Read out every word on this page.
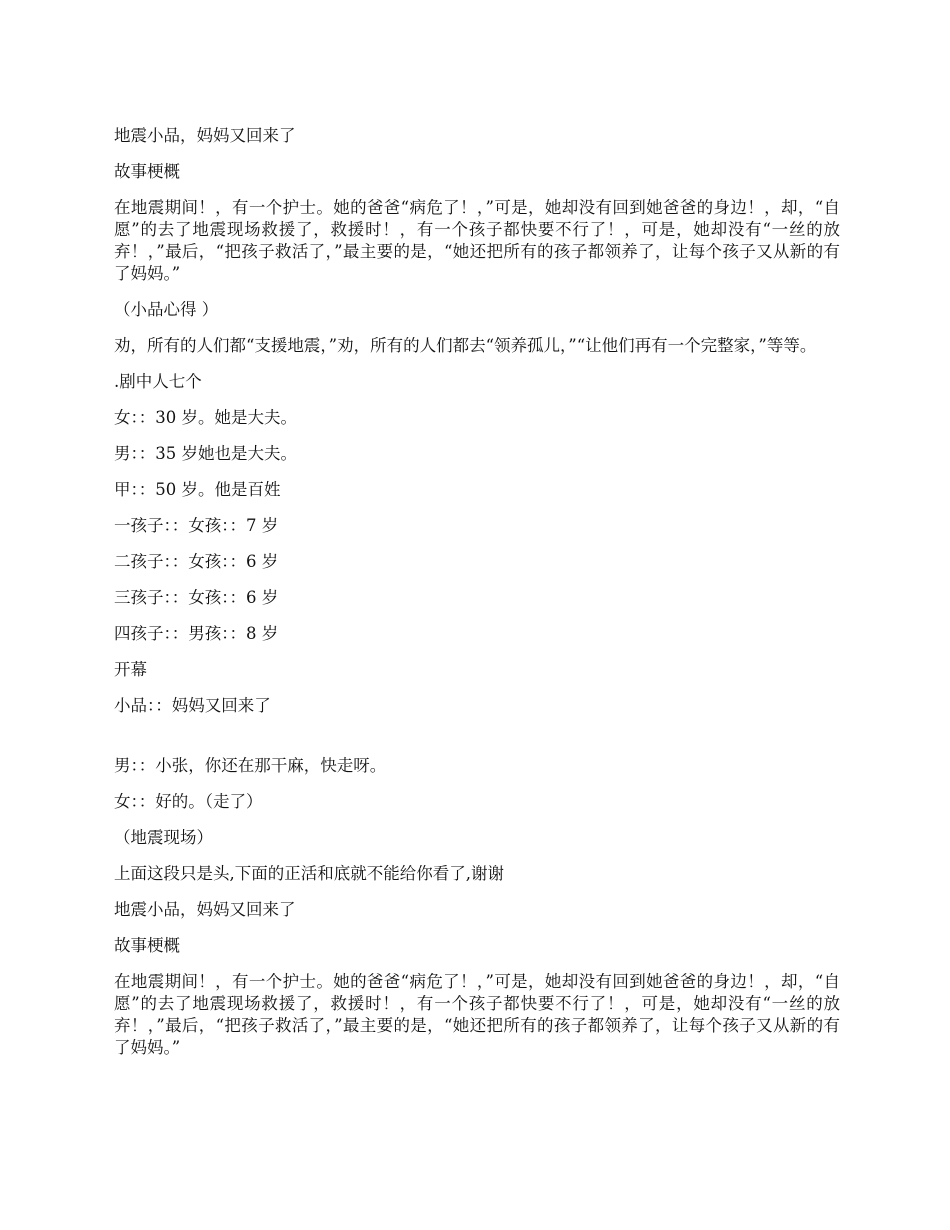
地震小品，妈妈又回来了

故事梗概

在地震期间！，有一个护士。她的爸爸“病危了！，”可是，她却没有回到她爸爸的身边！，却，“自愿”的去了地震现场救援了，救援时！，有一个孩子都快要不行了！，可是，她却没有“一丝的放弃！，”最后，“把孩子救活了，”最主要的是，“她还把所有的孩子都领养了，让每个孩子又从新的有了妈妈。”

（小品心得 ）

劝，所有的人们都“支援地震，”劝，所有的人们都去“领养孤儿，”“让他们再有一个完整家，”等等。

.剧中人七个

女：：30 岁。她是大夫。

男：：35 岁她也是大夫。

甲：：50 岁。他是百姓

一孩子：：女孩：：7 岁

二孩子：：女孩：：6 岁

三孩子：：女孩：：6 岁

四孩子：：男孩：：8 岁

开幕

小品：：妈妈又回来了

男：：小张，你还在那干麻，快走呀。

女：：好的。（走了）

（地震现场）

上面这段只是头,下面的正活和底就不能给你看了,谢谢

地震小品，妈妈又回来了

故事梗概

在地震期间！，有一个护士。她的爸爸“病危了！，”可是，她却没有回到她爸爸的身边！，却，“自愿”的去了地震现场救援了，救援时！，有一个孩子都快要不行了！，可是，她却没有“一丝的放弃！，”最后，“把孩子救活了，”最主要的是，“她还把所有的孩子都领养了，让每个孩子又从新的有了妈妈。”
